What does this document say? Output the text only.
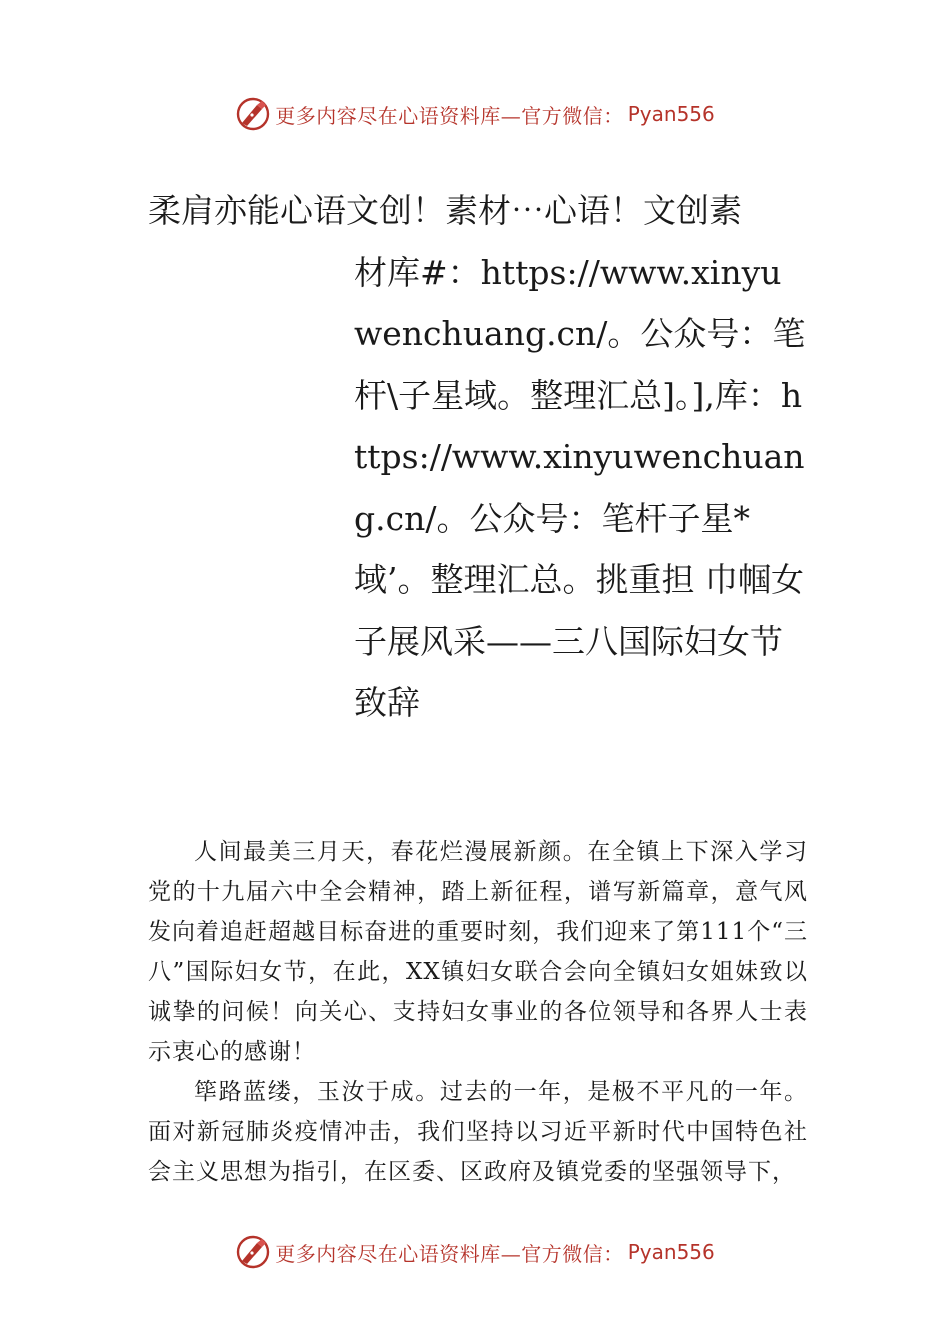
更多内容尽在心语资料库—官方微信： Pyan556
柔肩亦能心语文创！素材⋯心语！文创素
材库#：https://www.xinyuwenchuang.cn/。公众号：笔杆\子星域。整理汇总]。],库：https://www.xinyuwenchuang.cn/。公众号：笔杆子星*域’。整理汇总。挑重担 巾帼女子展风采——三八国际妇女节致辞

人间最美三月天，春花烂漫展新颜。在全镇上下深入学习党的十九届六中全会精神，踏上新征程，谱写新篇章，意气风发向着追赶超越目标奋进的重要时刻，我们迎来了第111个“三八”国际妇女节，在此，XX镇妇女联合会向全镇妇女姐妹致以诚挚的问候！向关心、支持妇女事业的各位领导和各界人士表示衷心的感谢！

筚路蓝缕，玉汝于成。过去的一年，是极不平凡的一年。面对新冠肺炎疫情冲击，我们坚持以习近平新时代中国特色社会主义思想为指引，在区委、区政府及镇党委的坚强领导下，

更多内容尽在心语资料库—官方微信： Pyan556
